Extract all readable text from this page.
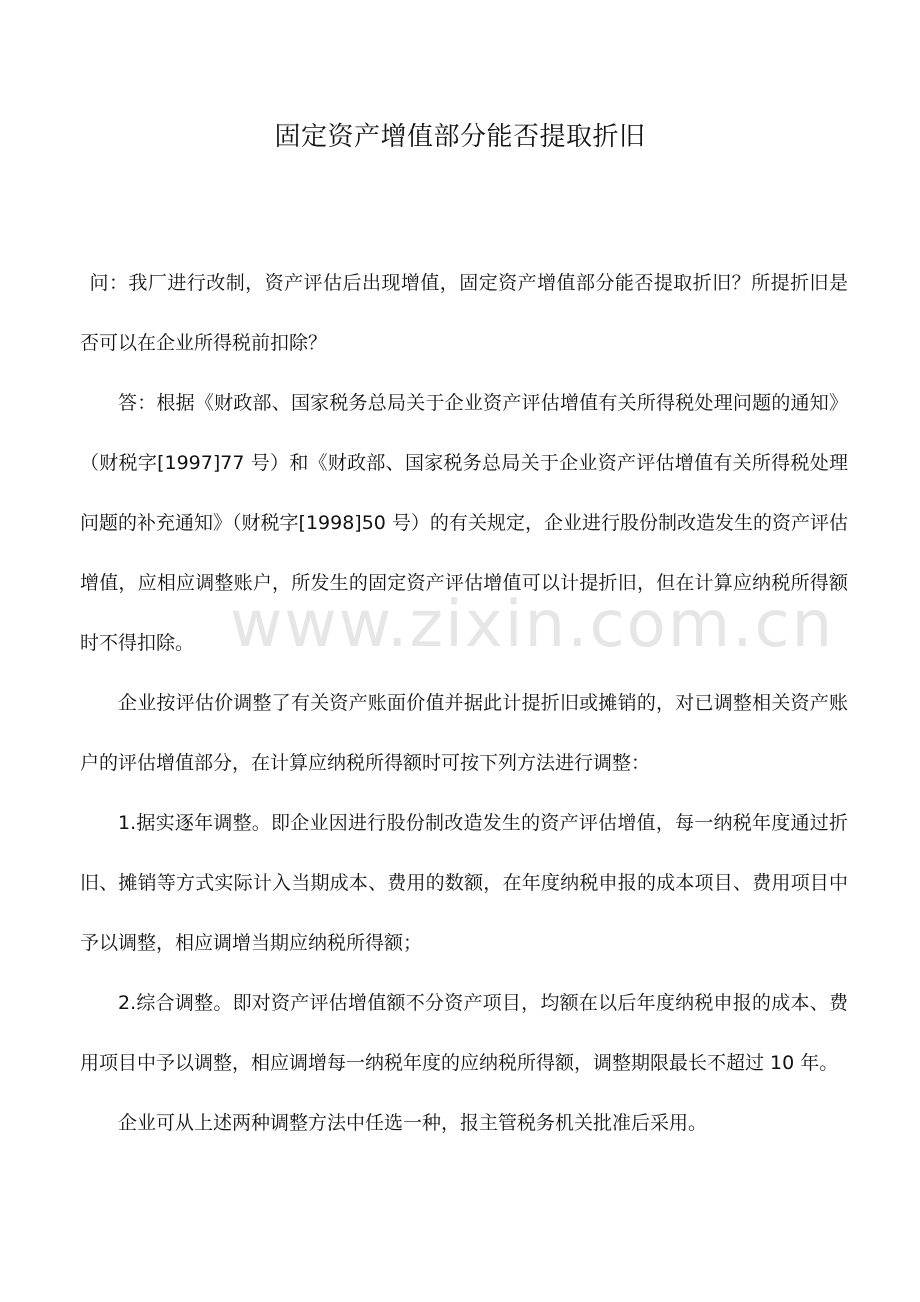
www.zixin.com.cn
固定资产增值部分能否提取折旧

问：我厂进行改制，资产评估后出现增值，固定资产增值部分能否提取折旧？所提折旧是否可以在企业所得税前扣除？

答：根据《财政部、国家税务总局关于企业资产评估增值有关所得税处理问题的通知》（财税字[1997]77 号）和《财政部、国家税务总局关于企业资产评估增值有关所得税处理问题的补充通知》（财税字[1998]50 号）的有关规定，企业进行股份制改造发生的资产评估增值，应相应调整账户，所发生的固定资产评估增值可以计提折旧，但在计算应纳税所得额时不得扣除。

企业按评估价调整了有关资产账面价值并据此计提折旧或摊销的，对已调整相关资产账户的评估增值部分，在计算应纳税所得额时可按下列方法进行调整：

1.据实逐年调整。即企业因进行股份制改造发生的资产评估增值，每一纳税年度通过折旧、摊销等方式实际计入当期成本、费用的数额，在年度纳税申报的成本项目、费用项目中予以调整，相应调增当期应纳税所得额；

2.综合调整。即对资产评估增值额不分资产项目，均额在以后年度纳税申报的成本、费用项目中予以调整，相应调增每一纳税年度的应纳税所得额，调整期限最长不超过 10 年。

企业可从上述两种调整方法中任选一种，报主管税务机关批准后采用。
